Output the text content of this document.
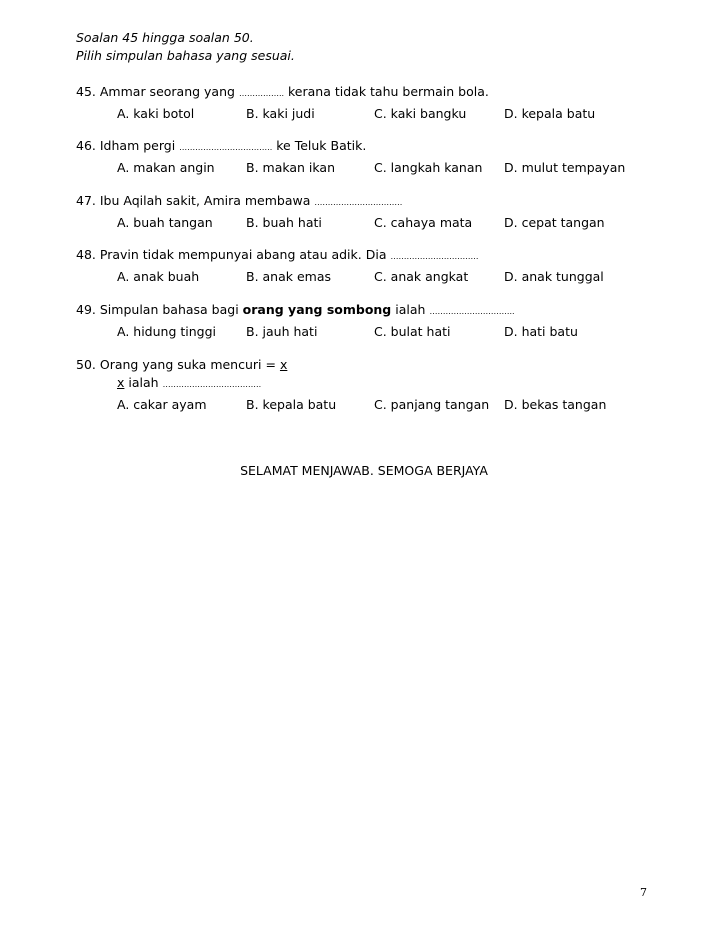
Soalan 45 hingga soalan 50.
Pilih simpulan bahasa yang sesuai.
45. Ammar seorang yang …………….. kerana tidak tahu bermain bola.
A. kaki botol	B. kaki judi	C. kaki bangku	D. kepala batu
46. Idham pergi …………………………….. ke Teluk Batik.
A. makan angin	B. makan ikan	C. langkah kanan	D. mulut tempayan
47. Ibu Aqilah sakit, Amira membawa ……………………………
A. buah tangan	B. buah hati	C. cahaya mata	D. cepat tangan
48. Pravin tidak mempunyai abang atau adik. Dia ……………………………
A. anak buah	B. anak emas	C. anak angkat	D. anak tunggal
49. Simpulan bahasa bagi orang yang sombong ialah …………………………..
A. hidung tinggi	B. jauh hati	C. bulat hati	D. hati batu
50. Orang yang suka mencuri = x
x ialah ……………………………….
A. cakar ayam	B. kepala batu	C. panjang tangan	D. bekas tangan
SELAMAT MENJAWAB. SEMOGA BERJAYA
7
